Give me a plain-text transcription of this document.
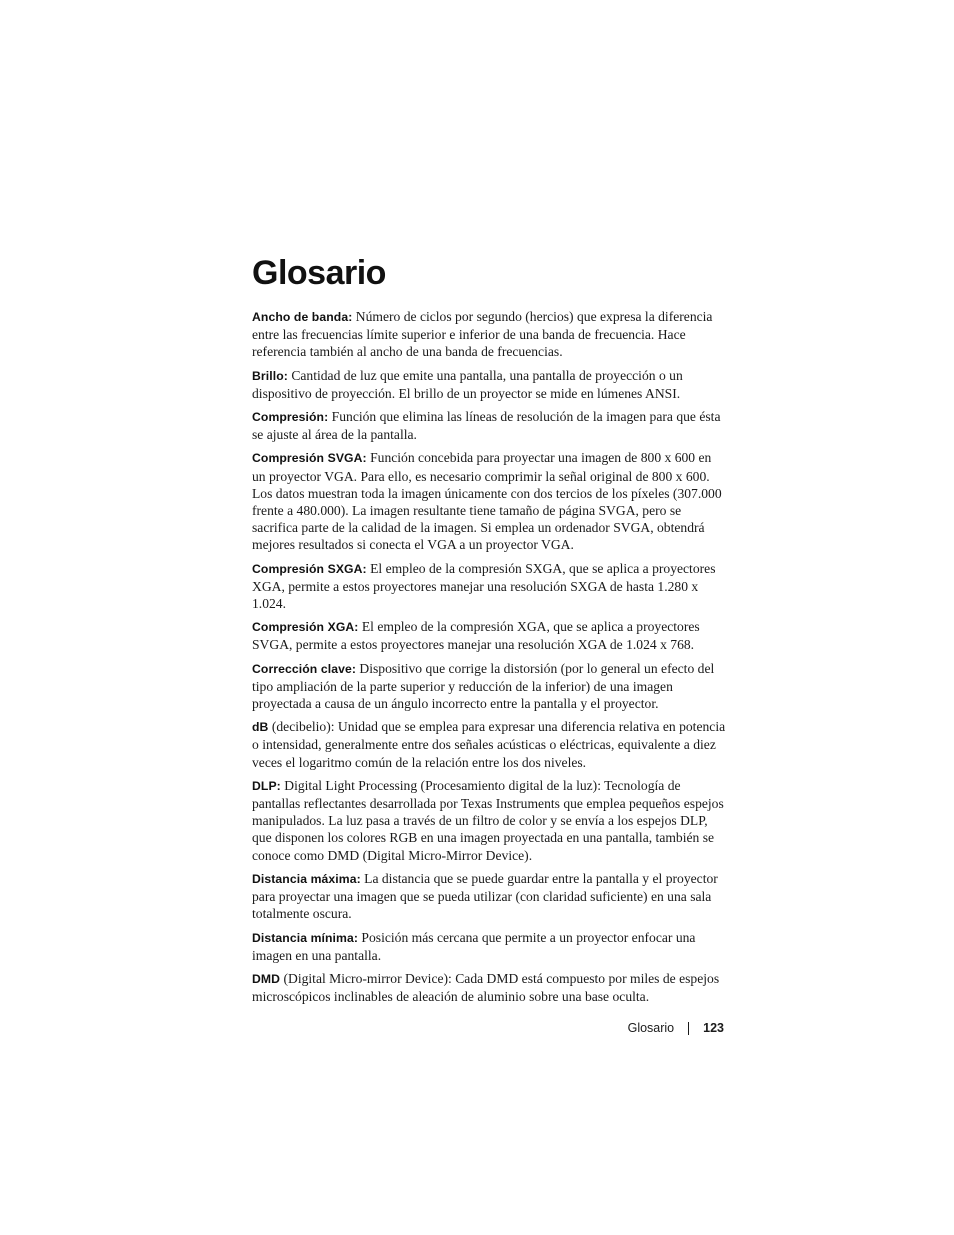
Glosario

Ancho de banda: Número de ciclos por segundo (hercios) que expresa la diferencia entre las frecuencias límite superior e inferior de una banda de frecuencia. Hace referencia también al ancho de una banda de frecuencias.

Brillo: Cantidad de luz que emite una pantalla, una pantalla de proyección o un dispositivo de proyección. El brillo de un proyector se mide en lúmenes ANSI.

Compresión: Función que elimina las líneas de resolución de la imagen para que ésta se ajuste al área de la pantalla.

Compresión SVGA: Función concebida para proyectar una imagen de 800 x 600 en un proyector VGA. Para ello, es necesario comprimir la señal original de 800 x 600. Los datos muestran toda la imagen únicamente con dos tercios de los píxeles (307.000 frente a 480.000). La imagen resultante tiene tamaño de página SVGA, pero se sacrifica parte de la calidad de la imagen. Si emplea un ordenador SVGA, obtendrá mejores resultados si conecta el VGA a un proyector VGA.

Compresión SXGA: El empleo de la compresión SXGA, que se aplica a proyectores XGA, permite a estos proyectores manejar una resolución SXGA de hasta 1.280 x 1.024.

Compresión XGA: El empleo de la compresión XGA, que se aplica a proyectores SVGA, permite a estos proyectores manejar una resolución XGA de 1.024 x 768.

Corrección clave: Dispositivo que corrige la distorsión (por lo general un efecto del tipo ampliación de la parte superior y reducción de la inferior) de una imagen proyectada a causa de un ángulo incorrecto entre la pantalla y el proyector.

dB (decibelio): Unidad que se emplea para expresar una diferencia relativa en potencia o intensidad, generalmente entre dos señales acústicas o eléctricas, equivalente a diez veces el logaritmo común de la relación entre los dos niveles.

DLP: Digital Light Processing (Procesamiento digital de la luz): Tecnología de pantallas reflectantes desarrollada por Texas Instruments que emplea pequeños espejos manipulados. La luz pasa a través de un filtro de color y se envía a los espejos DLP, que disponen los colores RGB en una imagen proyectada en una pantalla, también se conoce como DMD (Digital Micro-Mirror Device).

Distancia máxima: La distancia que se puede guardar entre la pantalla y el proyector para proyectar una imagen que se pueda utilizar (con claridad suficiente) en una sala totalmente oscura.

Distancia mínima: Posición más cercana que permite a un proyector enfocar una imagen en una pantalla.

DMD (Digital Micro-mirror Device): Cada DMD está compuesto por miles de espejos microscópicos inclinables de aleación de aluminio sobre una base oculta.

Glosario 123
